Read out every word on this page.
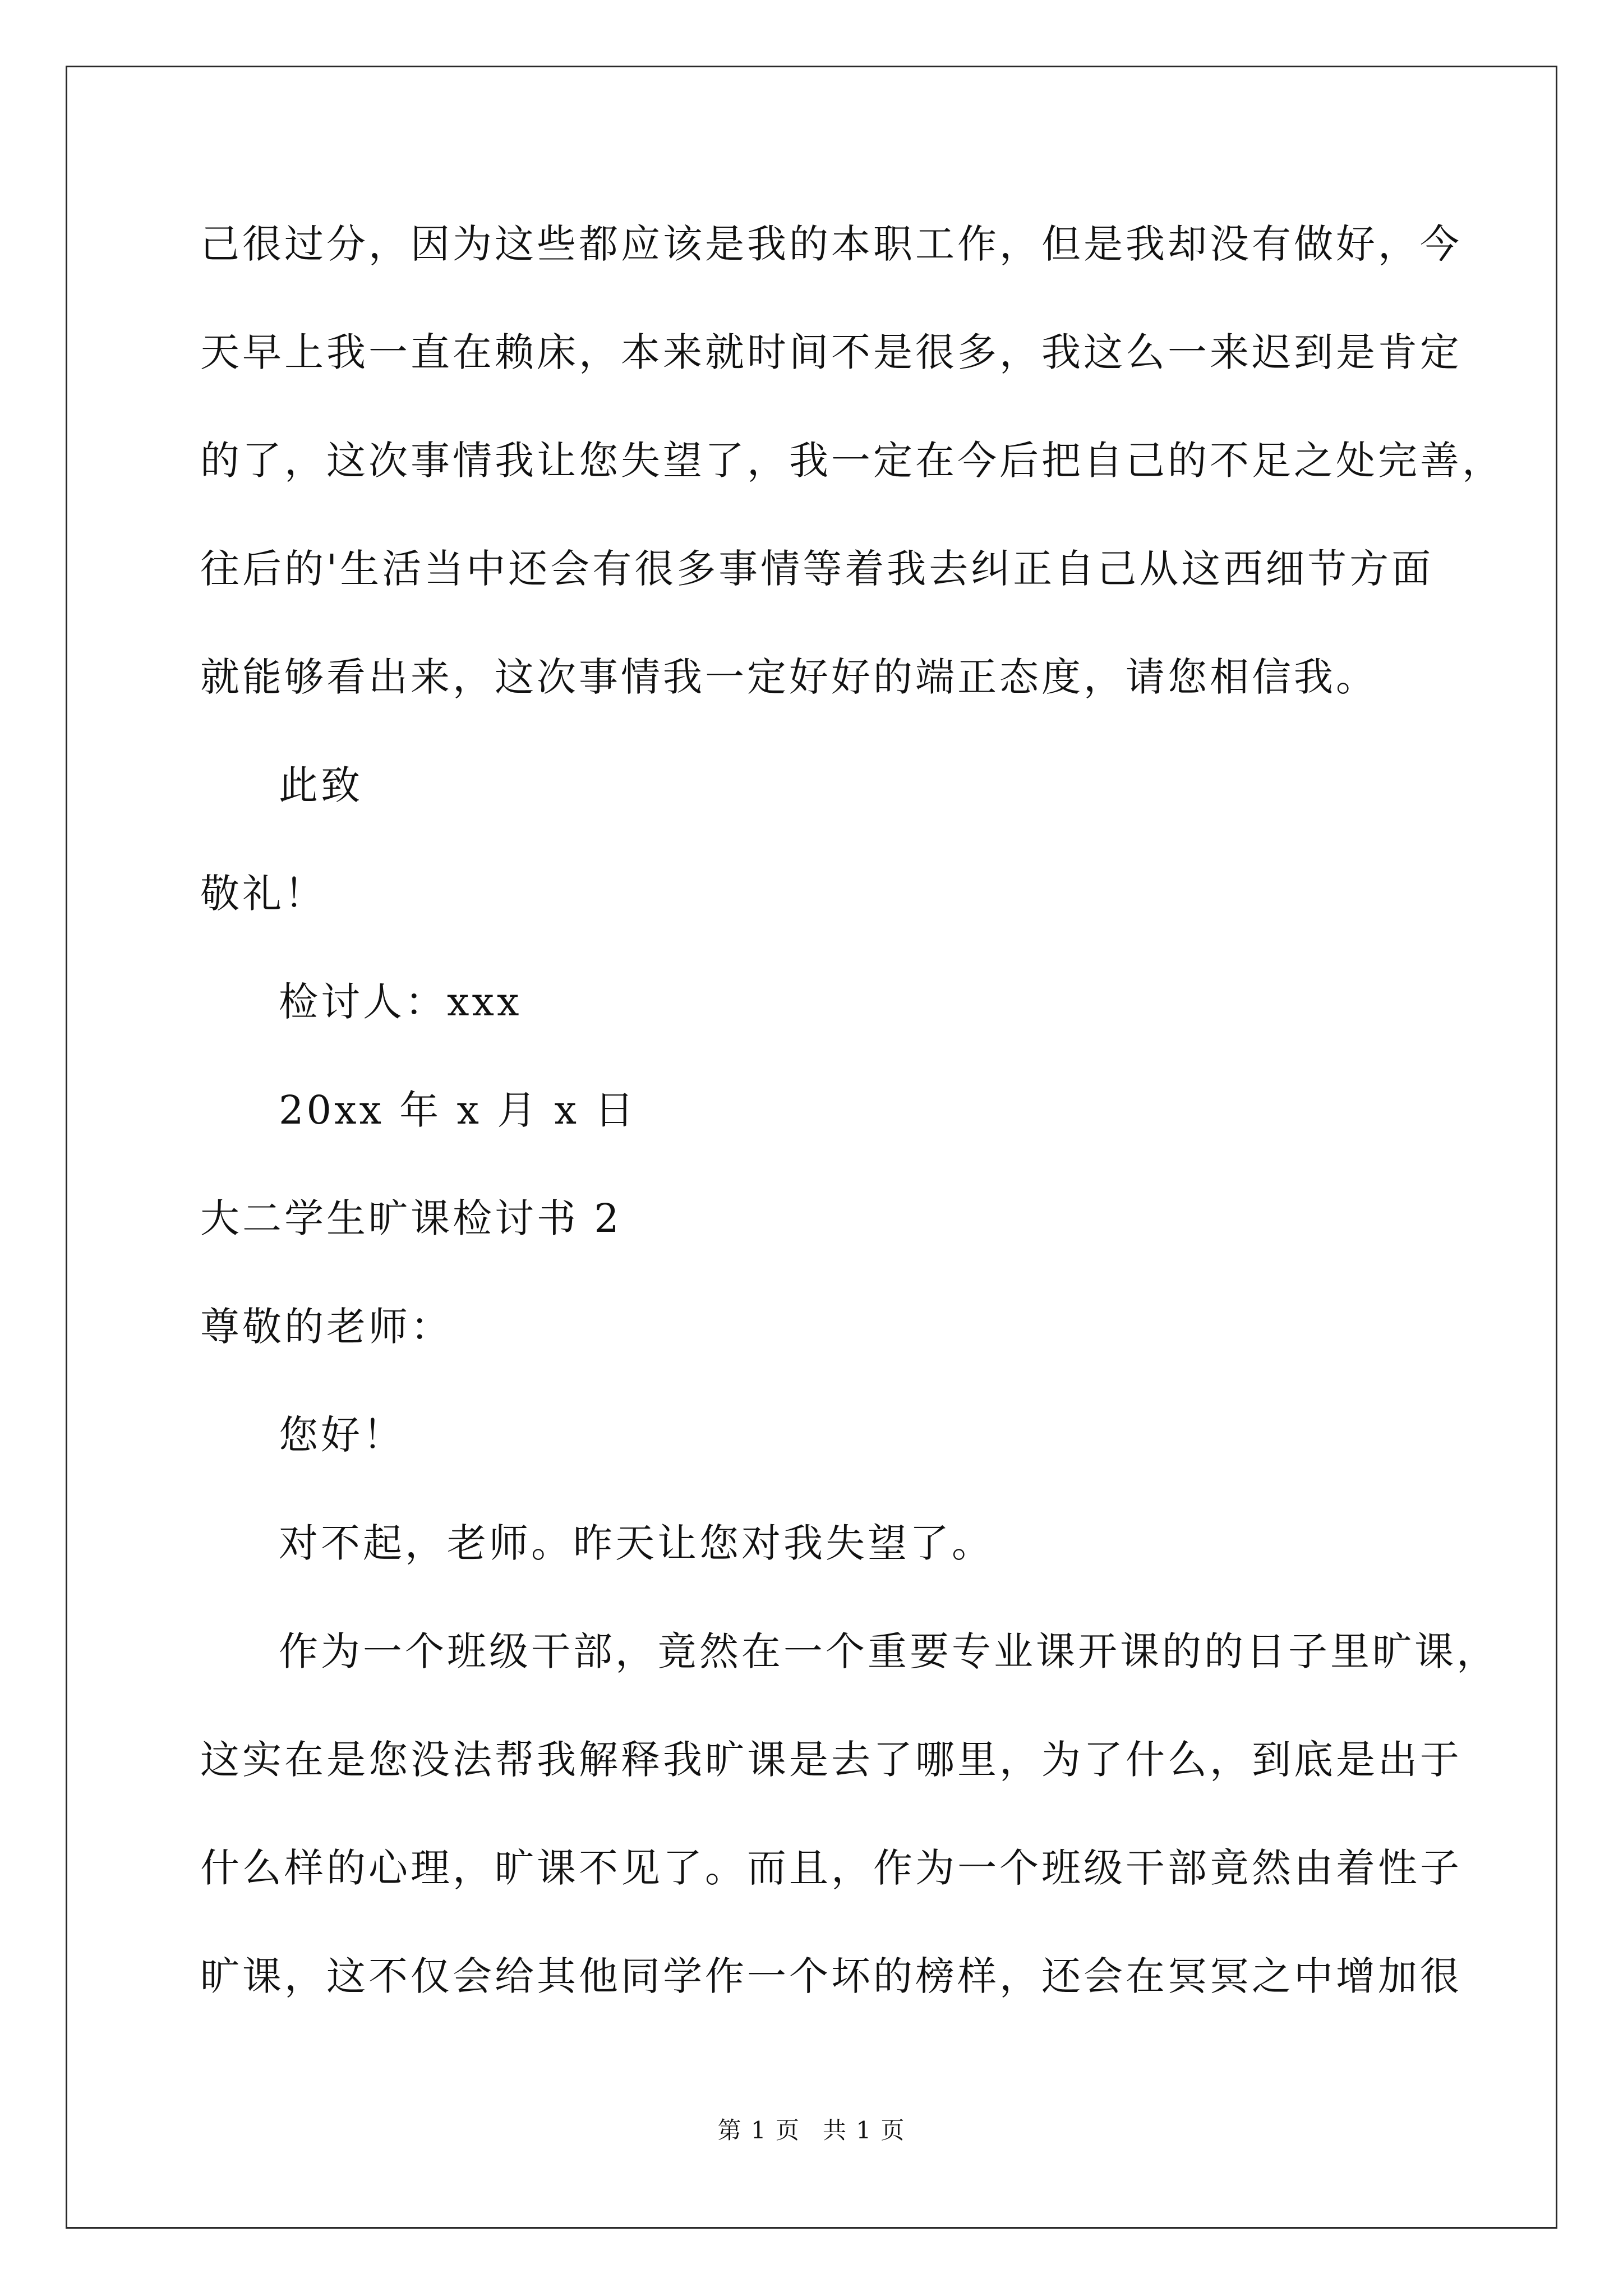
己很过分，因为这些都应该是我的本职工作，但是我却没有做好，今
天早上我一直在赖床，本来就时间不是很多，我这么一来迟到是肯定
的了，这次事情我让您失望了，我一定在今后把自己的不足之处完善，
往后的'生活当中还会有很多事情等着我去纠正自己从这西细节方面
就能够看出来，这次事情我一定好好的端正态度，请您相信我。
此致
敬礼！
检讨人：xxx
20xx 年 x 月 x 日
大二学生旷课检讨书 2
尊敬的老师：
您好！
对不起，老师。昨天让您对我失望了。
作为一个班级干部，竟然在一个重要专业课开课的的日子里旷课，
这实在是您没法帮我解释我旷课是去了哪里，为了什么，到底是出于
什么样的心理，旷课不见了。而且，作为一个班级干部竟然由着性子
旷课，这不仅会给其他同学作一个坏的榜样，还会在冥冥之中增加很
第 1 页 共 1 页
